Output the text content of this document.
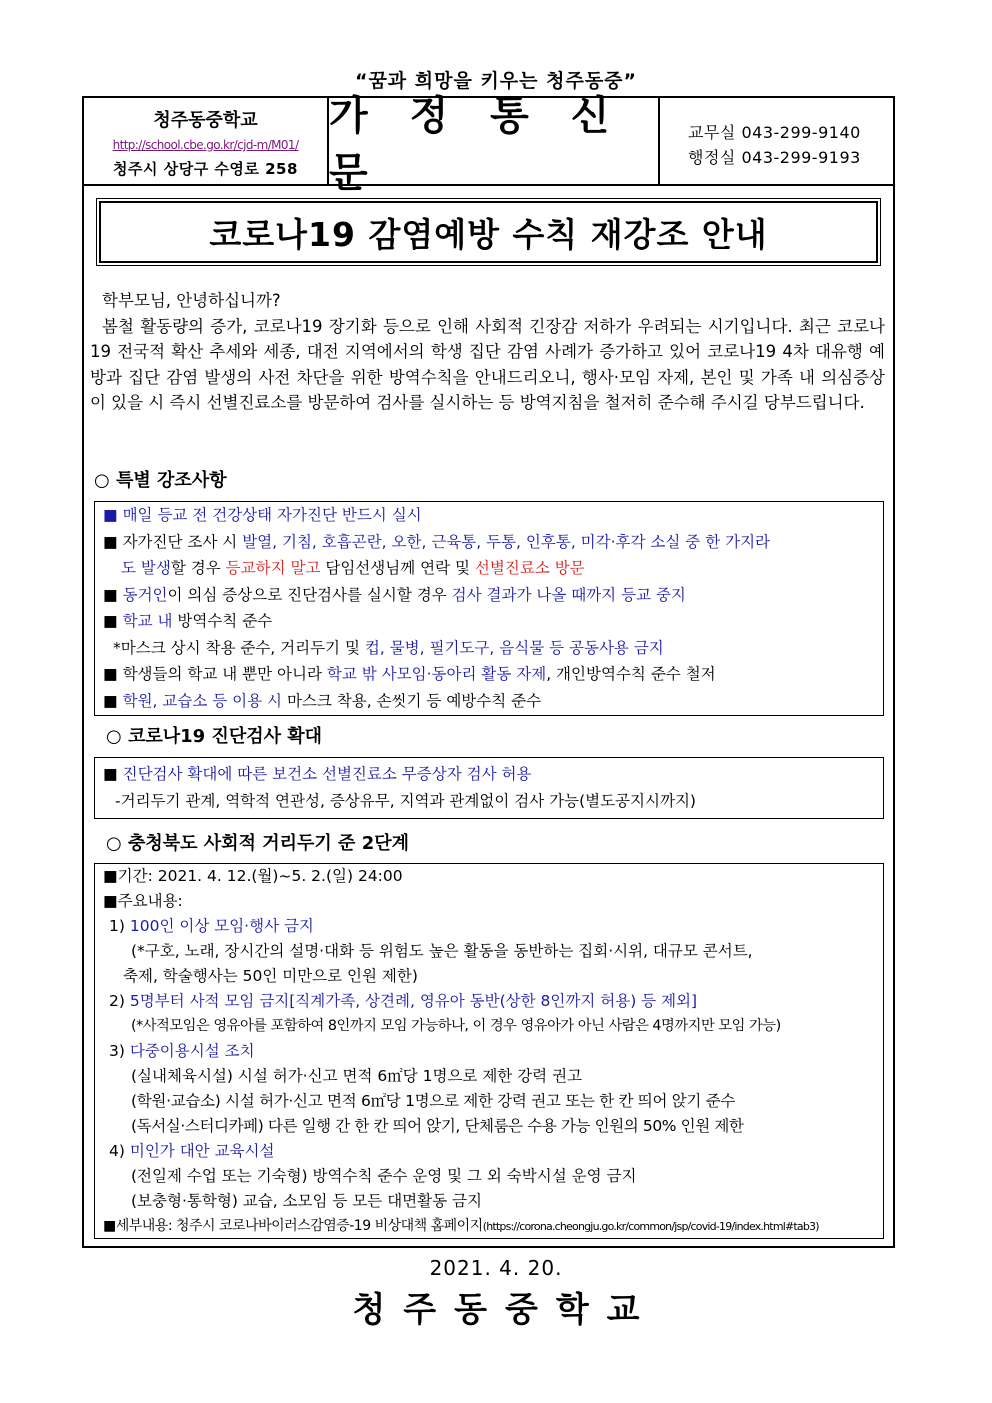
“꿈과 희망을 키우는 청주동중”
청주동중학교
http://school.cbe.go.kr/cjd-m/M01/
청주시 상당구 수영로 258
가 정 통 신 문
교무실 043-299-9140
행정실 043-299-9193
코로나19 감염예방 수칙 재강조 안내

학부모님, 안녕하십니까?

봄철 활동량의 증가, 코로나19 장기화 등으로 인해 사회적 긴장감 저하가 우려되는 시기입니다. 최근 코로나19 전국적 확산 추세와 세종, 대전 지역에서의 학생 집단 감염 사례가 증가하고 있어 코로나19 4차 대유행 예방과 집단 감염 발생의 사전 차단을 위한 방역수칙을 안내드리오니, 행사·모임 자제, 본인 및 가족 내 의심증상이 있을 시 즉시 선별진료소를 방문하여 검사를 실시하는 등 방역지침을 철저히 준수해 주시길 당부드립니다.

○ 특별 강조사항
■ 매일 등교 전 건강상태 자가진단 반드시 실시
■ 자가진단 조사 시 발열, 기침, 호흡곤란, 오한, 근육통, 두통, 인후통, 미각·후각 소실 중 한 가지라
도 발생할 경우 등교하지 말고 담임선생님께 연락 및 선별진료소 방문
■ 동거인이 의심 증상으로 진단검사를 실시할 경우 검사 결과가 나올 때까지 등교 중지
■ 학교 내 방역수칙 준수
*마스크 상시 착용 준수, 거리두기 및 컵, 물병, 필기도구, 음식물 등 공동사용 금지
■ 학생들의 학교 내 뿐만 아니라 학교 밖 사모임·동아리 활동 자제, 개인방역수칙 준수 철저
■ 학원, 교습소 등 이용 시 마스크 착용, 손씻기 등 예방수칙 준수
○ 코로나19 진단검사 확대
■ 진단검사 확대에 따른 보건소 선별진료소 무증상자 검사 허용
-거리두기 관계, 역학적 연관성, 증상유무, 지역과 관계없이 검사 가능(별도공지시까지)
○ 충청북도 사회적 거리두기 준 2단계
■기간: 2021. 4. 12.(월)~5. 2.(일) 24:00
■주요내용:
1) 100인 이상 모임·행사 금지
(*구호, 노래, 장시간의 설명·대화 등 위험도 높은 활동을 동반하는 집회·시위, 대규모 콘서트,
축제, 학술행사는 50인 미만으로 인원 제한)
2) 5명부터 사적 모임 금지[직계가족, 상견례, 영유아 동반(상한 8인까지 허용) 등 제외]
(*사적모임은 영유아를 포함하여 8인까지 모임 가능하나, 이 경우 영유아가 아닌 사람은 4명까지만 모임 가능)
3) 다중이용시설 조치
(실내체육시설) 시설 허가·신고 면적 6㎡당 1명으로 제한 강력 권고
(학원·교습소) 시설 허가·신고 면적 6㎡당 1명으로 제한 강력 권고 또는 한 칸 띄어 앉기 준수
(독서실·스터디카페) 다른 일행 간 한 칸 띄어 앉기, 단체룸은 수용 가능 인원의 50% 인원 제한
4) 미인가 대안 교육시설
(전일제 수업 또는 기숙형) 방역수칙 준수 운영 및 그 외 숙박시설 운영 금지
(보충형·통학형) 교습, 소모임 등 모든 대면활동 금지
■세부내용: 청주시 코로나바이러스감염증-19 비상대책 홈페이지(https://corona.cheongju.go.kr/common/jsp/covid-19/index.html#tab3)
2021. 4. 20.
청주동중학교
